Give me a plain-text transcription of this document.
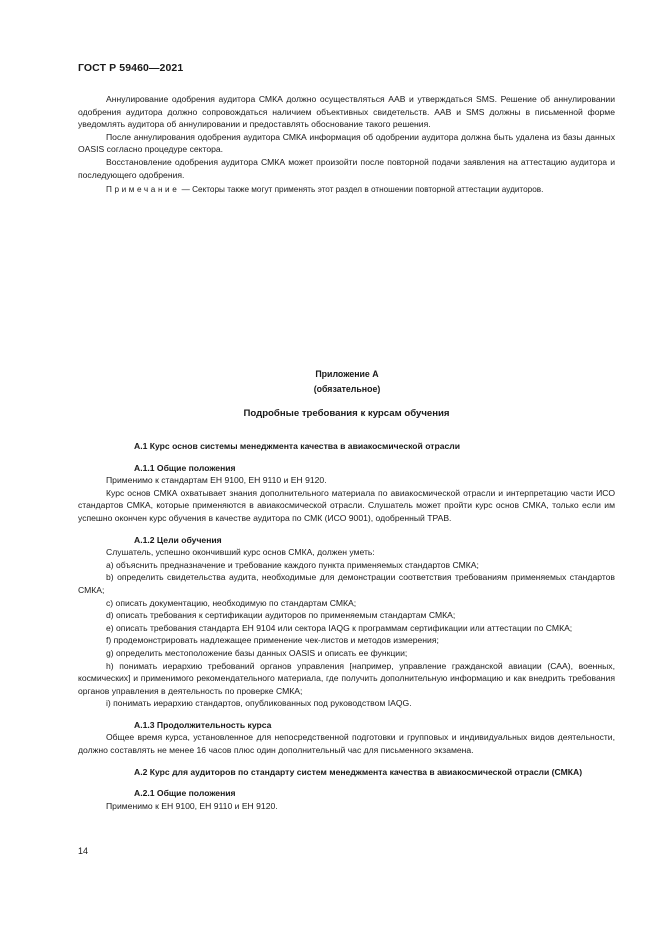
ГОСТ Р 59460—2021

Аннулирование одобрения аудитора СМКА должно осуществляться ААВ и утверждаться SMS. Решение об аннулировании одобрения аудитора должно сопровождаться наличием объективных свидетельств. ААВ и SMS должны в письменной форме уведомлять аудитора об аннулировании и предоставлять обоснование такого решения.

После аннулирования одобрения аудитора СМКА информация об одобрении аудитора должна быть удалена из базы данных OASIS согласно процедуре сектора.

Восстановление одобрения аудитора СМКА может произойти после повторной подачи заявления на аттестацию аудитора и последующего одобрения.

Примечание — Секторы также могут применять этот раздел в отношении повторной аттестации аудиторов.

Приложение А
(обязательное)
Подробные требования к курсам обучения

А.1 Курс основ системы менеджмента качества в авиакосмической отрасли

А.1.1 Общие положения

Применимо к стандартам ЕН 9100, ЕН 9110 и ЕН 9120.

Курс основ СМКА охватывает знания дополнительного материала по авиакосмической отрасли и интерпретацию части ИСО стандартов СМКА, которые применяются в авиакосмической отрасли. Слушатель может пройти курс основ СМКА, только если им успешно окончен курс обучения в качестве аудитора по СМК (ИСО 9001), одобренный TPAB.

А.1.2 Цели обучения

Слушатель, успешно окончивший курс основ СМКА, должен уметь:

a) объяснить предназначение и требование каждого пункта применяемых стандартов СМКА;

b) определить свидетельства аудита, необходимые для демонстрации соответствия требованиям применяемых стандартов СМКА;

c) описать документацию, необходимую по стандартам СМКА;

d) описать требования к сертификации аудиторов по применяемым стандартам СМКА;

e) описать требования стандарта ЕН 9104 или сектора IAQG к программам сертификации или аттестации по СМКА;

f) продемонстрировать надлежащее применение чек-листов и методов измерения;

g) определить местоположение базы данных OASIS и описать ее функции;

h) понимать иерархию требований органов управления [например, управление гражданской авиации (САА), военных, космических] и применимого рекомендательного материала, где получить дополнительную информацию и как внедрить требования органов управления в деятельность по проверке СМКА;

i) понимать иерархию стандартов, опубликованных под руководством IAQG.

А.1.3 Продолжительность курса

Общее время курса, установленное для непосредственной подготовки и групповых и индивидуальных видов деятельности, должно составлять не менее 16 часов плюс один дополнительный час для письменного экзамена.

А.2 Курс для аудиторов по стандарту систем менеджмента качества в авиакосмической отрасли (СМКА)

А.2.1 Общие положения

Применимо к ЕН 9100, ЕН 9110 и ЕН 9120.

14
